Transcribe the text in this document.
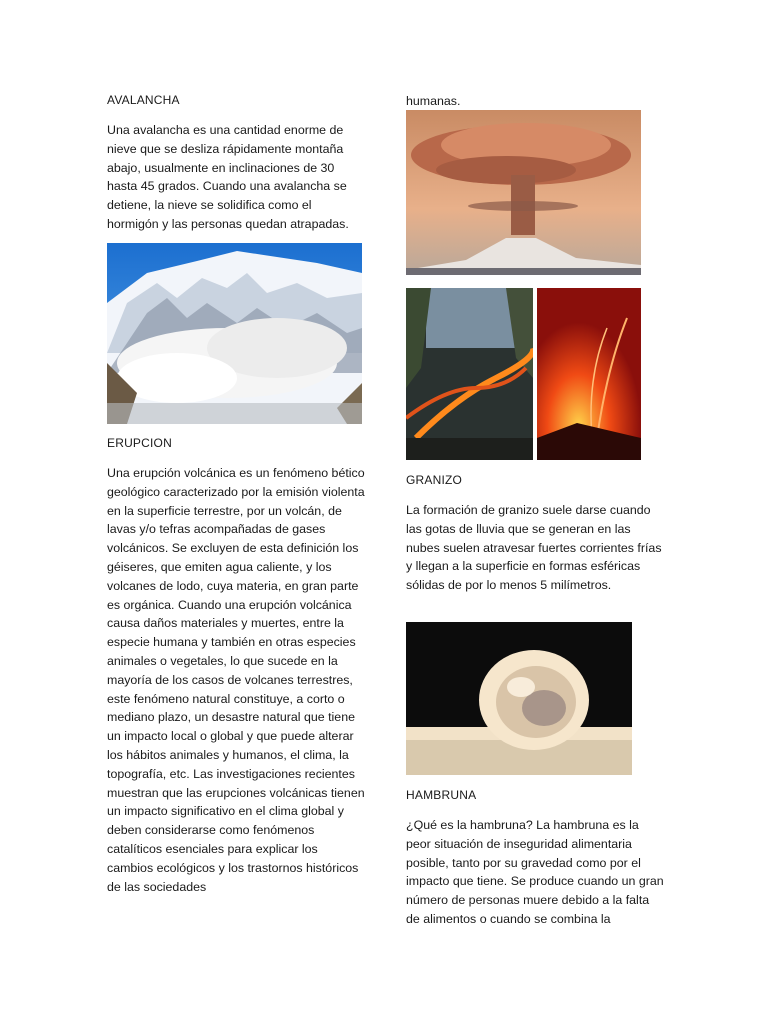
AVALANCHA

Una avalancha es una cantidad enorme de nieve que se desliza rápidamente montaña abajo, usualmente en inclinaciones de 30 hasta 45 grados. Cuando una avalancha se detiene, la nieve se solidifica como el hormigón y las personas quedan atrapadas.

ERUPCION

Una erupción volcánica es un fenómeno bético geológico caracterizado por la emisión violenta en la superficie terrestre, por un volcán, de lavas y/o tefras acompañadas de gases volcánicos. Se excluyen de esta definición los géiseres, que emiten agua caliente, y los volcanes de lodo, cuya materia, en gran parte es orgánica. Cuando una erupción volcánica causa daños materiales y muertes, entre la especie humana y también en otras especies animales o vegetales, lo que sucede en la mayoría de los casos de volcanes terrestres, este fenómeno natural constituye, a corto o mediano plazo, un desastre natural que tiene un impacto local o global y que puede alterar los hábitos animales y humanos, el clima, la topografía, etc. Las investigaciones recientes muestran que las erupciones volcánicas tienen un impacto significativo en el clima global y deben considerarse como fenómenos catalíticos esenciales para explicar los cambios ecológicos y los trastornos históricos de las sociedades

humanas.

GRANIZO

La formación de granizo suele darse cuando las gotas de lluvia que se generan en las nubes suelen atravesar fuertes corrientes frías y llegan a la superficie en formas esféricas sólidas de por lo menos 5 milímetros.

HAMBRUNA

¿Qué es la hambruna? La hambruna es la peor situación de inseguridad alimentaria posible, tanto por su gravedad como por el impacto que tiene. Se produce cuando un gran número de personas muere debido a la falta de alimentos o cuando se combina la
